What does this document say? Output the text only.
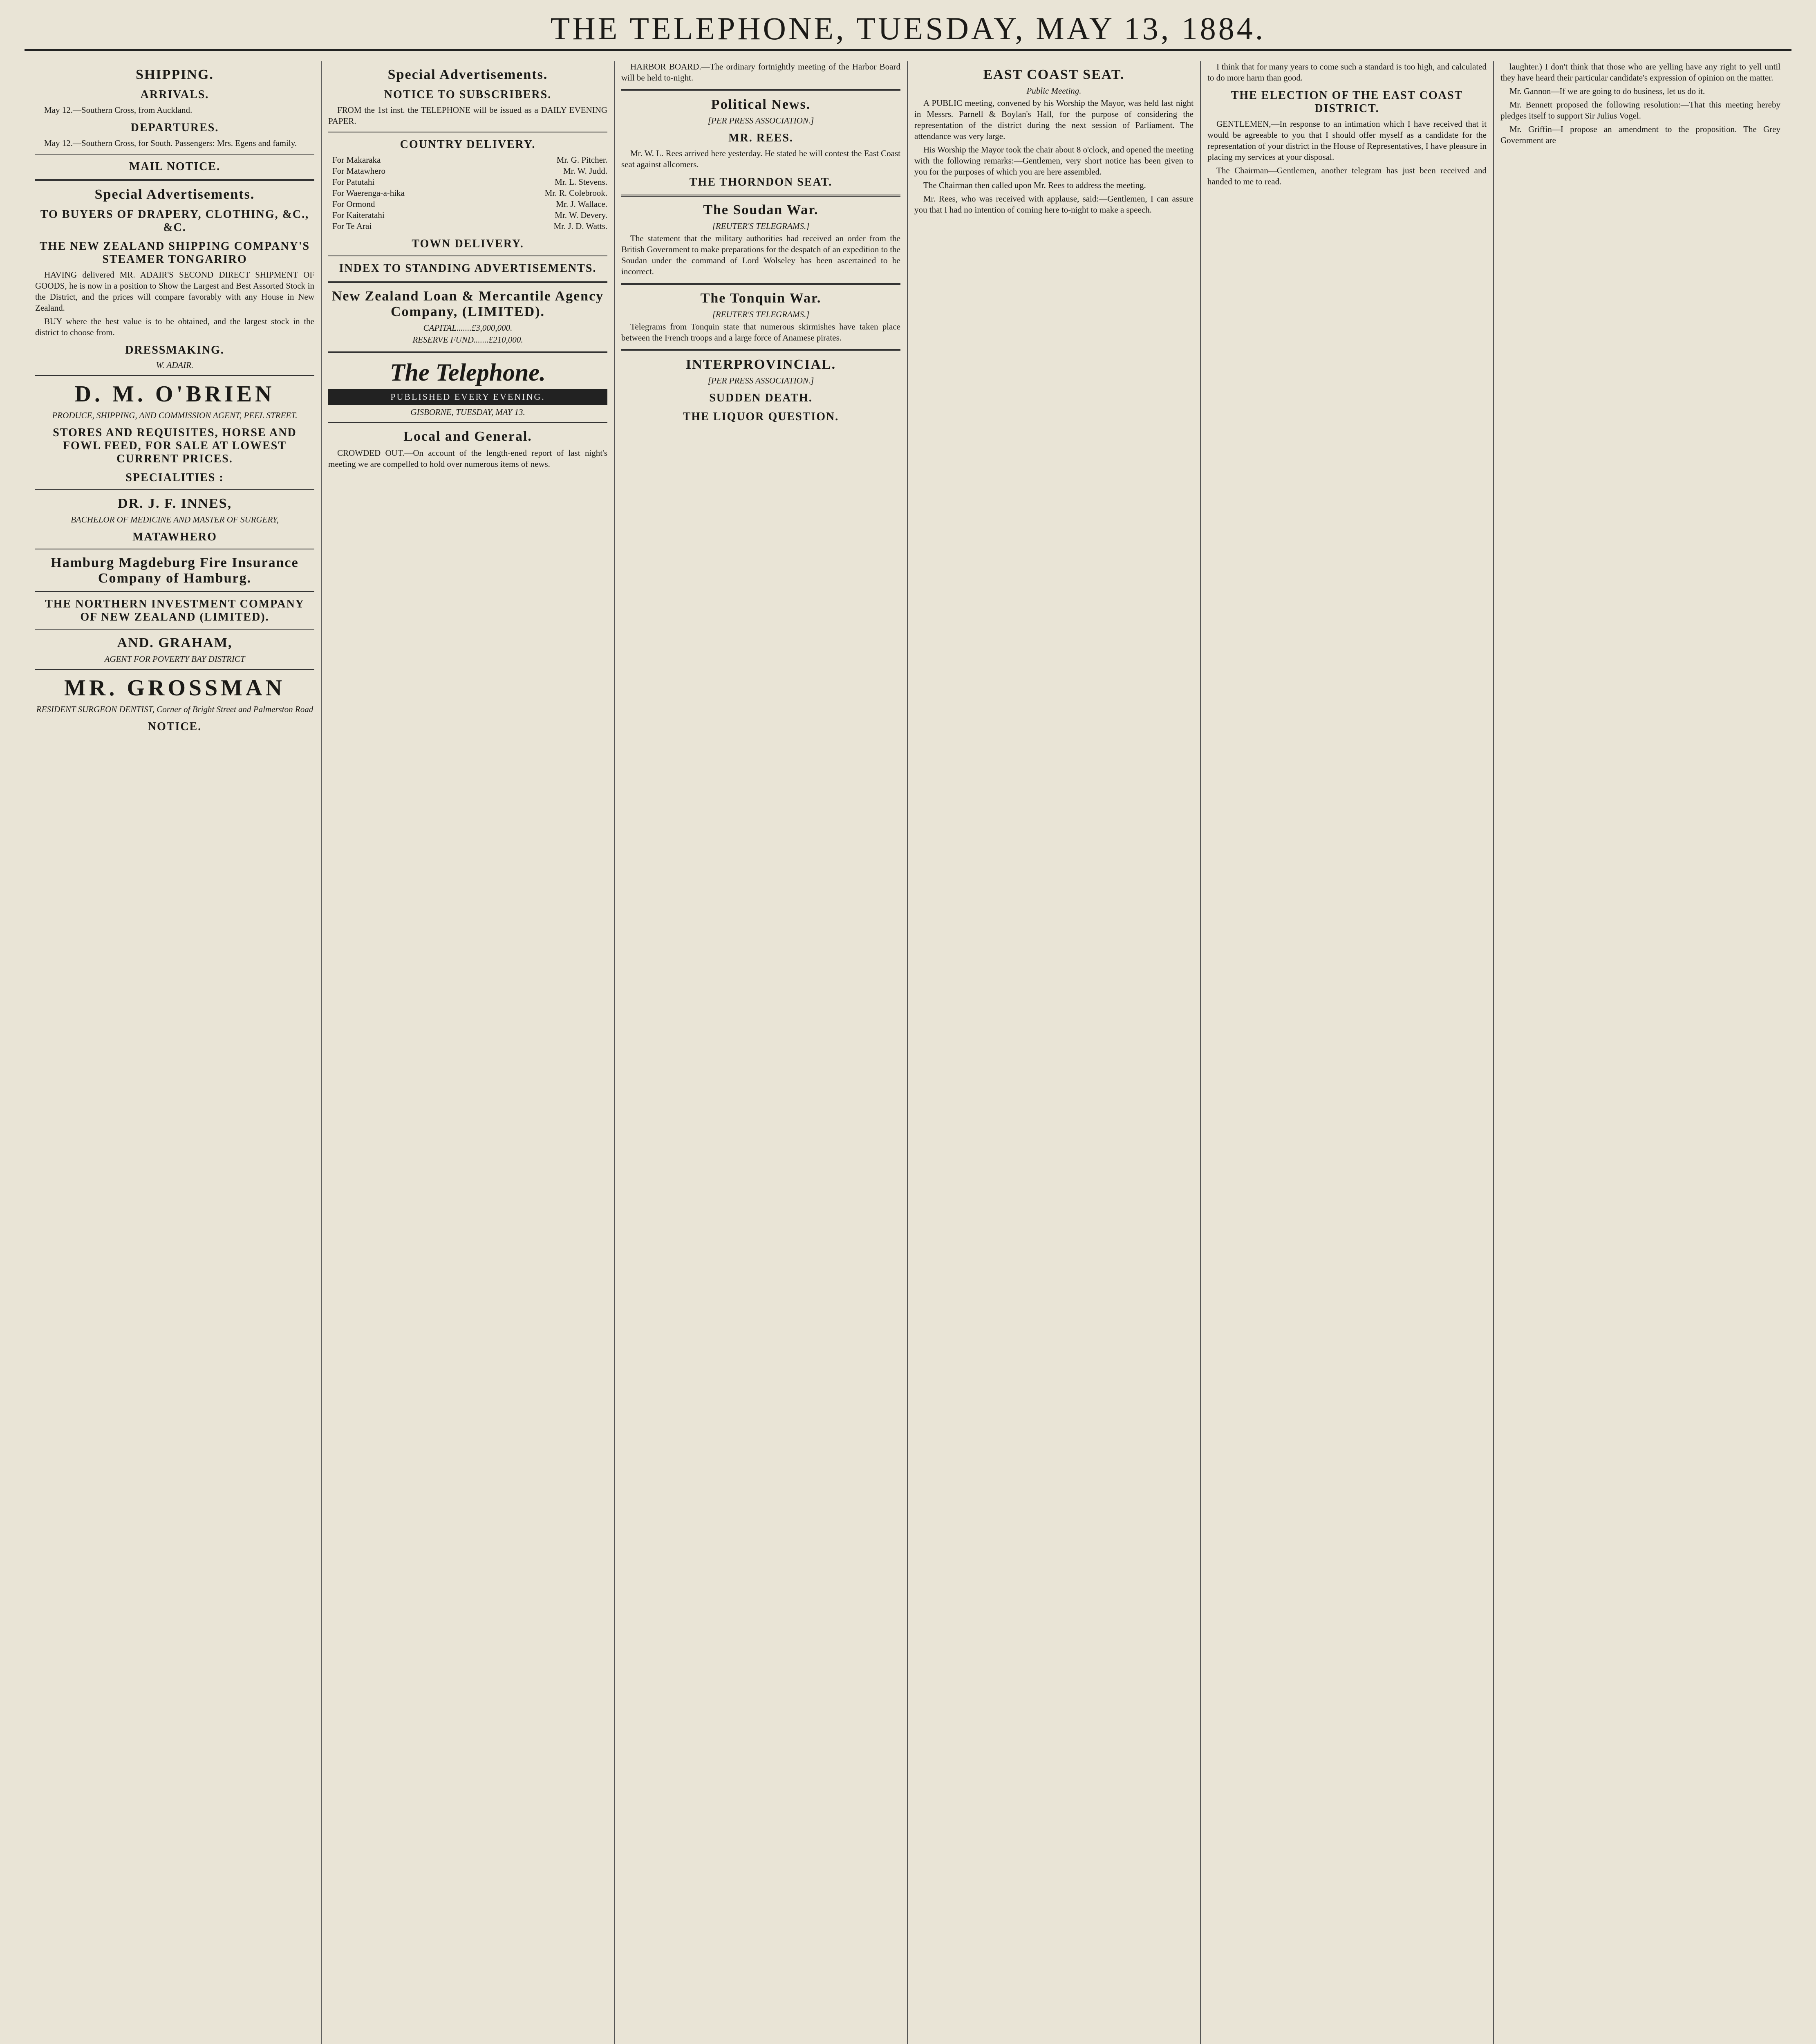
THE TELEPHONE, TUESDAY, MAY 13, 1884.
SHIPPING.
ARRIVALS.

May 12.—Southern Cross, from Auckland.

DEPARTURES.

May 12.—Southern Cross, for South. Passengers: Mrs. Egens and family.

MAIL NOTICE.
Special Advertisements.
TO BUYERS OF DRAPERY, CLOTHING, &C., &C.
THE NEW ZEALAND SHIPPING COMPANY'S STEAMER TONGARIRO

HAVING delivered MR. ADAIR'S SECOND DIRECT SHIPMENT OF GOODS, he is now in a position to Show the Largest and Best Assorted Stock in the District, and the prices will compare favorably with any House in New Zealand.

BUY where the best value is to be obtained, and the largest stock in the district to choose from.

DRESSMAKING.
W. ADAIR.
D. M. O'BRIEN
PRODUCE, SHIPPING, AND COMMISSION AGENT, PEEL STREET.
STORES AND REQUISITES, HORSE AND FOWL FEED, FOR SALE AT LOWEST CURRENT PRICES.
SPECIALITIES :
DR. J. F. INNES,
BACHELOR OF MEDICINE AND MASTER OF SURGERY,
MATAWHERO
Hamburg Magdeburg Fire Insurance Company of Hamburg.
THE NORTHERN INVESTMENT COMPANY OF NEW ZEALAND (LIMITED).
AND. GRAHAM,
AGENT FOR POVERTY BAY DISTRICT
MR. GROSSMAN
RESIDENT SURGEON DENTIST, Corner of Bright Street and Palmerston Road
NOTICE.
Special Advertisements.
NOTICE TO SUBSCRIBERS.

FROM the 1st inst. the TELEPHONE will be issued as a DAILY EVENING PAPER.

COUNTRY DELIVERY.
For Makaraka	Mr. G. Pitcher.
For Matawhero	Mr. W. Judd.
For Patutahi	Mr. L. Stevens.
For Waerenga-a-hika	Mr. R. Colebrook.
For Ormond	Mr. J. Wallace.
For Kaiteratahi	Mr. W. Devery.
For Te Arai	Mr. J. D. Watts.
TOWN DELIVERY.
INDEX TO STANDING ADVERTISEMENTS.
New Zealand Loan & Mercantile Agency Company, (LIMITED).
CAPITAL.......£3,000,000.
RESERVE FUND.......£210,000.
The Telephone.
PUBLISHED EVERY EVENING.
GISBORNE, TUESDAY, MAY 13.
Local and General.

CROWDED OUT.—On account of the length-ened report of last night's meeting we are compelled to hold over numerous items of news.

HARBOR BOARD.—The ordinary fortnightly meeting of the Harbor Board will be held to-night.

Political News.
[PER PRESS ASSOCIATION.]
MR. REES.

Mr. W. L. Rees arrived here yesterday. He stated he will contest the East Coast seat against allcomers.

THE THORNDON SEAT.
The Soudan War.
[REUTER'S TELEGRAMS.]

The statement that the military authorities had received an order from the British Government to make preparations for the despatch of an expedition to the Soudan under the command of Lord Wolseley has been ascertained to be incorrect.

The Tonquin War.
[REUTER'S TELEGRAMS.]

Telegrams from Tonquin state that numerous skirmishes have taken place between the French troops and a large force of Anamese pirates.

INTERPROVINCIAL.
[PER PRESS ASSOCIATION.]
SUDDEN DEATH.
THE LIQUOR QUESTION.
EAST COAST SEAT.
Public Meeting.

A PUBLIC meeting, convened by his Worship the Mayor, was held last night in Messrs. Parnell & Boylan's Hall, for the purpose of considering the representation of the district during the next session of Parliament. The attendance was very large.

His Worship the Mayor took the chair about 8 o'clock, and opened the meeting with the following remarks:—Gentlemen, very short notice has been given to you for the purposes of which you are here assembled.

The Chairman then called upon Mr. Rees to address the meeting.

Mr. Rees, who was received with applause, said:—Gentlemen, I can assure you that I had no intention of coming here to-night to make a speech.

I think that for many years to come such a standard is too high, and calculated to do more harm than good.

THE ELECTION OF THE EAST COAST DISTRICT.

GENTLEMEN,—In response to an intimation which I have received that it would be agreeable to you that I should offer myself as a candidate for the representation of your district in the House of Representatives, I have pleasure in placing my services at your disposal.

The Chairman—Gentlemen, another telegram has just been received and handed to me to read.

laughter.) I don't think that those who are yelling have any right to yell until they have heard their particular candidate's expression of opinion on the matter.

Mr. Gannon—If we are going to do business, let us do it.

Mr. Bennett proposed the following resolution:—That this meeting hereby pledges itself to support Sir Julius Vogel.

Mr. Griffin—I propose an amendment to the proposition. The Grey Government are
